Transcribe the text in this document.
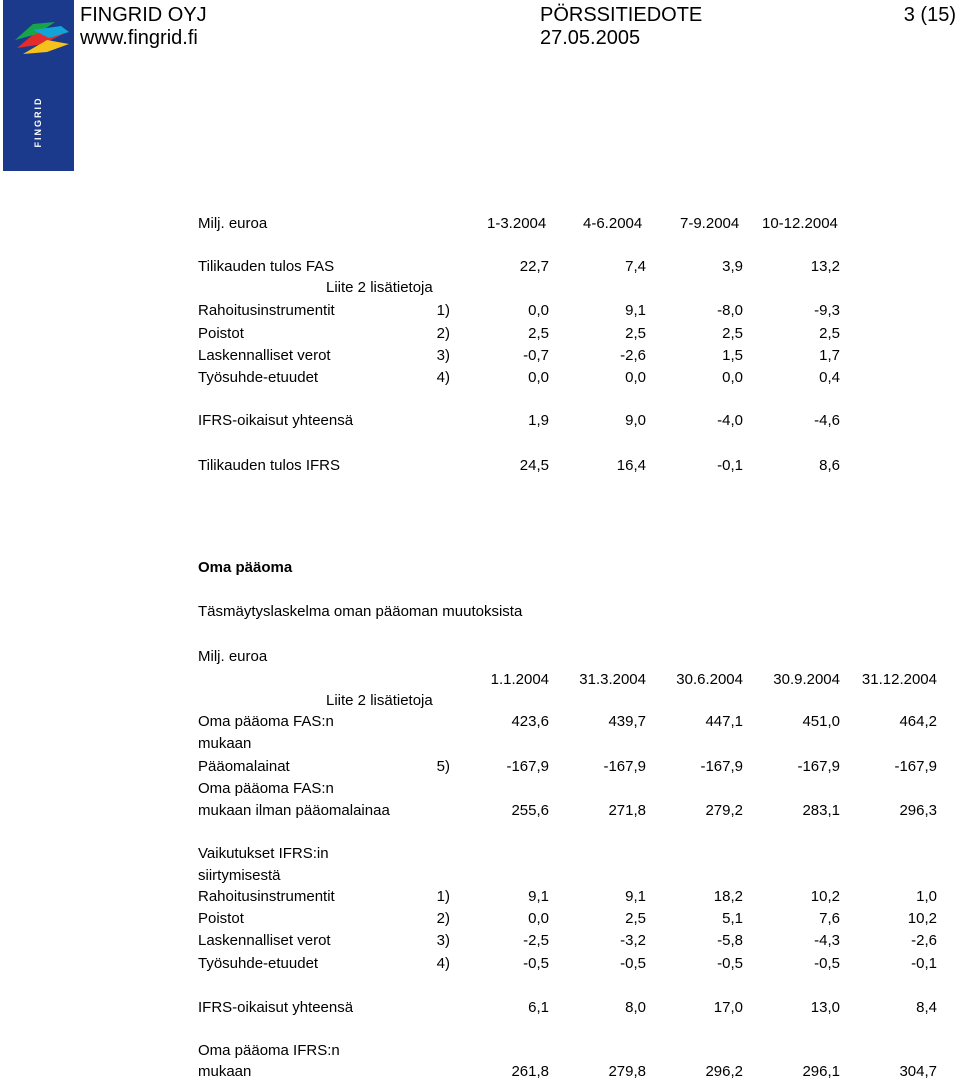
FINGRID
FINGRID OYJ
www.fingrid.fi
PÖRSSITIEDOTE
27.05.2005
3 (15)
Milj. euroa	1-3.2004 4-6.2004	7-9.2004 10-12.2004
Liite 2 lisätietoja
Tilikauden tulos FAS	22,7	7,4	3,9	13,2
Rahoitusinstrumentit	1)	0,0	9,1	-8,0	-9,3
Poistot	2)	2,5	2,5	2,5	2,5
Laskennalliset verot	3)	-0,7	-2,6	1,5	1,7
Työsuhde-etuudet	4)	0,0	0,0	0,0	0,4
IFRS-oikaisut yhteensä	1,9	9,0	-4,0	-4,6
Tilikauden tulos IFRS	24,5	16,4	-0,1	8,6
Oma pääoma
Täsmäytyslaskelma oman pääoman muutoksista
Milj. euroa
1.1.2004	31.3.2004	30.6.2004	30.9.2004	31.12.2004
Liite 2 lisätietoja
Oma pääoma FAS:n	423,6	439,7	447,1	451,0	464,2
mukaan
Pääomalainat	5)	-167,9	-167,9	-167,9	-167,9	-167,9
Oma pääoma FAS:n
mukaan ilman pääomalainaa	255,6	271,8	279,2	283,1	296,3
Vaikutukset IFRS:in
siirtymisestä
Rahoitusinstrumentit	1)	9,1	9,1	18,2	10,2	1,0
Poistot	2)	0,0	2,5	5,1	7,6	10,2
Laskennalliset verot	3)	-2,5	-3,2	-5,8	-4,3	-2,6
Työsuhde-etuudet	4)	-0,5	-0,5	-0,5	-0,5	-0,1
IFRS-oikaisut yhteensä	6,1	8,0	17,0	13,0	8,4
Oma pääoma IFRS:n
mukaan	261,8	279,8	296,2	296,1	304,7
